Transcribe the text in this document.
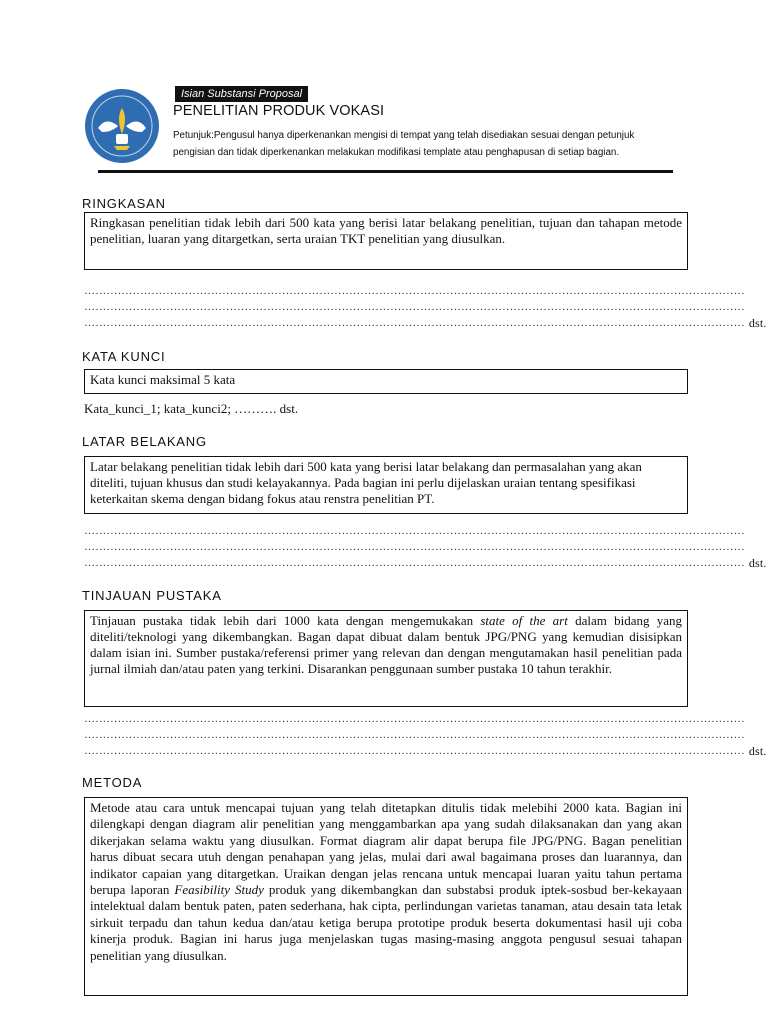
Isian Substansi Proposal
PENELITIAN PRODUK VOKASI
Petunjuk:Pengusul hanya diperkenankan mengisi di tempat yang telah disediakan sesuai dengan petunjuk pengisian dan tidak diperkenankan melakukan modifikasi template atau penghapusan di setiap bagian.
RINGKASAN
Ringkasan penelitian tidak lebih dari 500 kata yang berisi latar belakang penelitian, tujuan dan tahapan metode penelitian, luaran yang ditargetkan, serta uraian TKT penelitian yang diusulkan.
……………………………………………………………………………………………………………………………………………………………
……………………………………………………………………………………………………………………………………………………………
…………………………………………………………………………………………………………………………………………………………… dst.
KATA KUNCI
Kata kunci maksimal 5 kata
Kata_kunci_1; kata_kunci2; ………. dst.
LATAR BELAKANG
Latar belakang penelitian tidak lebih dari 500 kata yang berisi latar belakang dan permasalahan yang akan diteliti, tujuan khusus dan studi kelayakannya. Pada bagian ini perlu dijelaskan uraian tentang spesifikasi keterkaitan skema dengan bidang fokus atau renstra penelitian PT.
……………………………………………………………………………………………………………………………………………………………
……………………………………………………………………………………………………………………………………………………………
…………………………………………………………………………………………………………………………………………………………… dst.
TINJAUAN PUSTAKA
Tinjauan pustaka tidak lebih dari 1000 kata dengan mengemukakan state of the art dalam bidang yang diteliti/teknologi yang dikembangkan. Bagan dapat dibuat dalam bentuk JPG/PNG yang kemudian disisipkan dalam isian ini. Sumber pustaka/referensi primer yang relevan dan dengan mengutamakan hasil penelitian pada jurnal ilmiah dan/atau paten yang terkini. Disarankan penggunaan sumber pustaka 10 tahun terakhir.
……………………………………………………………………………………………………………………………………………………………
……………………………………………………………………………………………………………………………………………………………
…………………………………………………………………………………………………………………………………………………………… dst.
METODA
Metode atau cara untuk mencapai tujuan yang telah ditetapkan ditulis tidak melebihi 2000 kata. Bagian ini dilengkapi dengan diagram alir penelitian yang menggambarkan apa yang sudah dilaksanakan dan yang akan dikerjakan selama waktu yang diusulkan. Format diagram alir dapat berupa file JPG/PNG. Bagan penelitian harus dibuat secara utuh dengan penahapan yang jelas, mulai dari awal bagaimana proses dan luarannya, dan indikator capaian yang ditargetkan. Uraikan dengan jelas rencana untuk mencapai luaran yaitu tahun pertama berupa laporan Feasibility Study produk yang dikembangkan dan substabsi produk iptek-sosbud ber-kekayaan intelektual dalam bentuk paten, paten sederhana, hak cipta, perlindungan varietas tanaman, atau desain tata letak sirkuit terpadu dan tahun kedua dan/atau ketiga berupa prototipe produk beserta dokumentasi hasil uji coba kinerja produk. Bagian ini harus juga menjelaskan tugas masing-masing anggota pengusul sesuai tahapan penelitian yang diusulkan.
